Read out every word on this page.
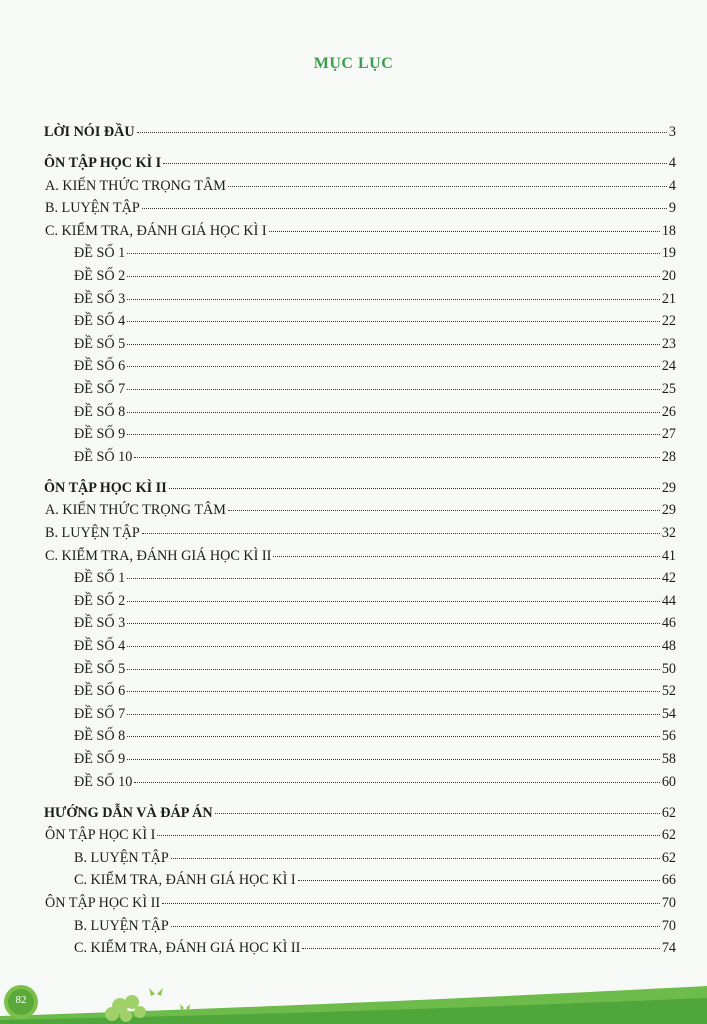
MỤC LỤC
LỜI NÓI ĐẦU	3
ÔN TẬP HỌC KÌ I	4
A. KIẾN THỨC TRỌNG TÂM	4
B. LUYỆN TẬP	9
C. KIỂM TRA, ĐÁNH GIÁ HỌC KÌ I	18
ĐỀ SỐ 1	19
ĐỀ SỐ 2	20
ĐỀ SỐ 3	21
ĐỀ SỐ 4	22
ĐỀ SỐ 5	23
ĐỀ SỐ 6	24
ĐỀ SỐ 7	25
ĐỀ SỐ 8	26
ĐỀ SỐ 9	27
ĐỀ SỐ 10	28
ÔN TẬP HỌC KÌ II	29
A. KIẾN THỨC TRỌNG TÂM	29
B. LUYỆN TẬP	32
C. KIỂM TRA, ĐÁNH GIÁ HỌC KÌ II	41
ĐỀ SỐ 1	42
ĐỀ SỐ 2	44
ĐỀ SỐ 3	46
ĐỀ SỐ 4	48
ĐỀ SỐ 5	50
ĐỀ SỐ 6	52
ĐỀ SỐ 7	54
ĐỀ SỐ 8	56
ĐỀ SỐ 9	58
ĐỀ SỐ 10	60
HƯỚNG DẪN VÀ ĐÁP ÁN	62
ÔN TẬP HỌC KÌ I	62
B. LUYỆN TẬP	62
C. KIỂM TRA, ĐÁNH GIÁ HỌC KÌ I	66
ÔN TẬP HỌC KÌ II	70
B. LUYỆN TẬP	70
C. KIỂM TRA, ĐÁNH GIÁ HỌC KÌ II	74
82
